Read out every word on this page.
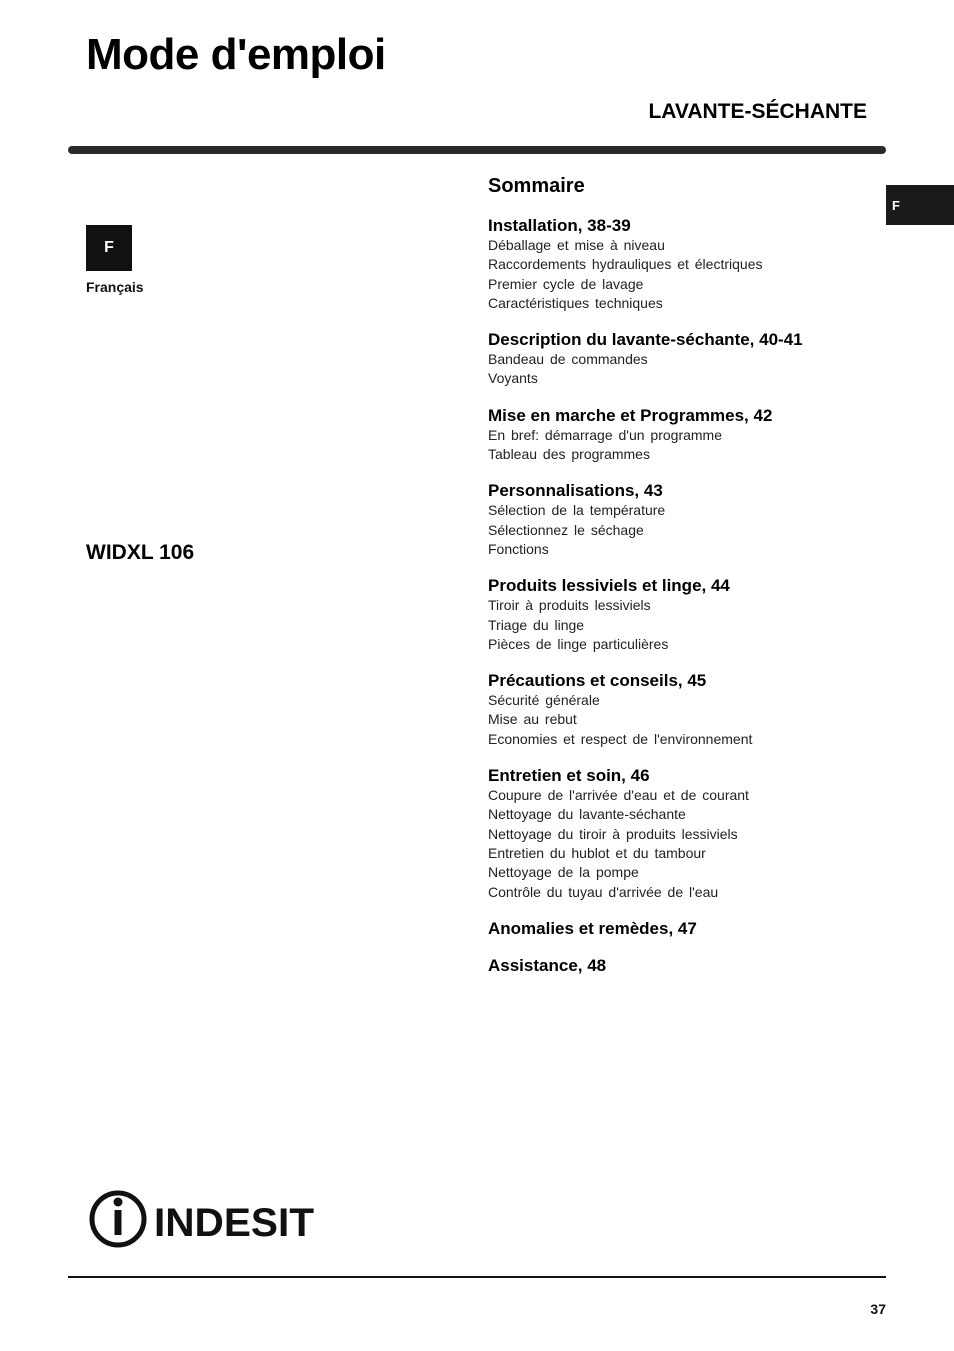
Mode d'emploi
LAVANTE-SÉCHANTE
F
F
Français
WIDXL 106
Sommaire
Installation, 38-39
Déballage et mise à niveau
Raccordements hydrauliques et électriques
Premier cycle de lavage
Caractéristiques techniques
Description du lavante-séchante, 40-41
Bandeau de commandes
Voyants
Mise en marche et Programmes, 42
En bref: démarrage d'un programme
Tableau des programmes
Personnalisations, 43
Sélection de la température
Sélectionnez le séchage
Fonctions
Produits lessiviels et linge, 44
Tiroir à produits lessiviels
Triage du linge
Pièces de linge particulières
Précautions et conseils, 45
Sécurité générale
Mise au rebut
Economies et respect de l'environnement
Entretien et soin, 46
Coupure de l'arrivée d'eau et de courant
Nettoyage du lavante-séchante
Nettoyage du tiroir à produits lessiviels
Entretien du hublot et du tambour
Nettoyage de la pompe
Contrôle du tuyau d'arrivée de l'eau
Anomalies et remèdes, 47
Assistance, 48
INDESIT
37
